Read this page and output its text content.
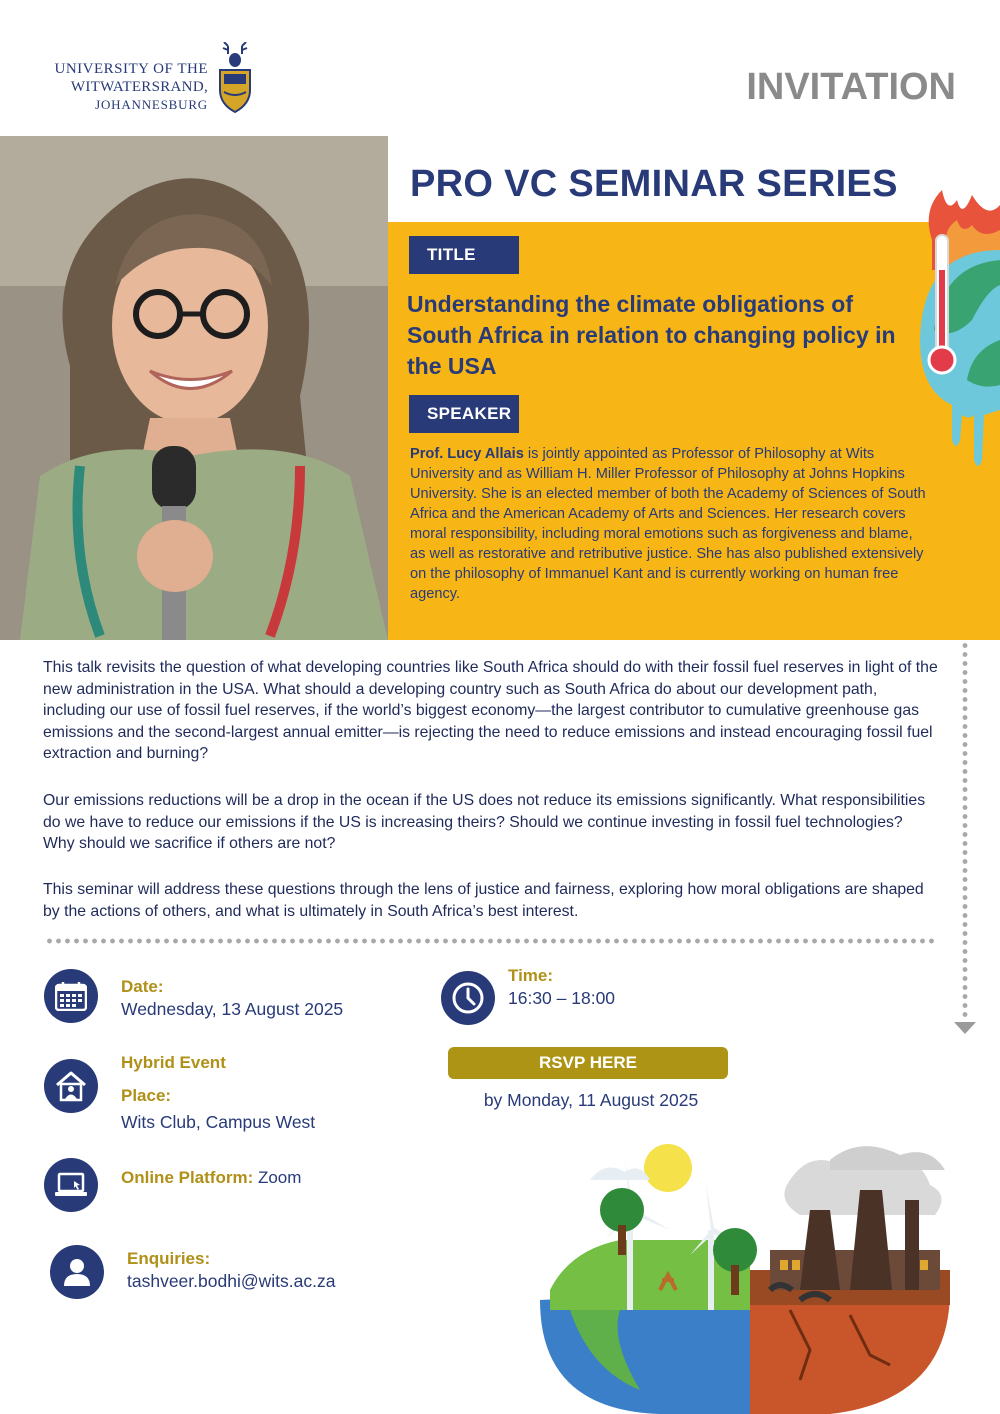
UNIVERSITY OF THE
WITWATERSRAND,
JOHANNESBURG	INVITATION
PRO VC SEMINAR SERIES
TITLE
Understanding the climate obligations of South Africa in relation to changing policy in the USA
SPEAKER
Prof. Lucy Allais is jointly appointed as Professor of Philosophy at Wits University and as William H. Miller Professor of Philosophy at Johns Hopkins University. She is an elected member of both the Academy of Sciences of South Africa and the American Academy of Arts and Sciences. Her research covers moral responsibility, including moral emotions such as forgiveness and blame, as well as restorative and retributive justice. She has also published extensively on the philosophy of Immanuel Kant and is currently working on human free agency.
This talk revisits the question of what developing countries like South Africa should do with their fossil fuel reserves in light of the new administration in the USA. What should a developing country such as South Africa do about our development path, including our use of fossil fuel reserves, if the world’s biggest economy—the largest contributor to cumulative greenhouse gas emissions and the second-largest annual emitter—is rejecting the need to reduce emissions and instead encouraging fossil fuel extraction and burning?
Our emissions reductions will be a drop in the ocean if the US does not reduce its emissions significantly. What responsibilities do we have to reduce our emissions if the US is increasing theirs? Should we continue investing in fossil fuel technologies? Why should we sacrifice if others are not?
This seminar will address these questions through the lens of justice and fairness, exploring how moral obligations are shaped by the actions of others, and what is ultimately in South Africa’s best interest.
Date:
Wednesday, 13 August 2025
Time:
16:30 – 18:00
RSVP HERE
by Monday, 11 August 2025
Hybrid Event
Place:
Wits Club, Campus West
Online Platform: Zoom
Enquiries:
tashveer.bodhi@wits.ac.za
